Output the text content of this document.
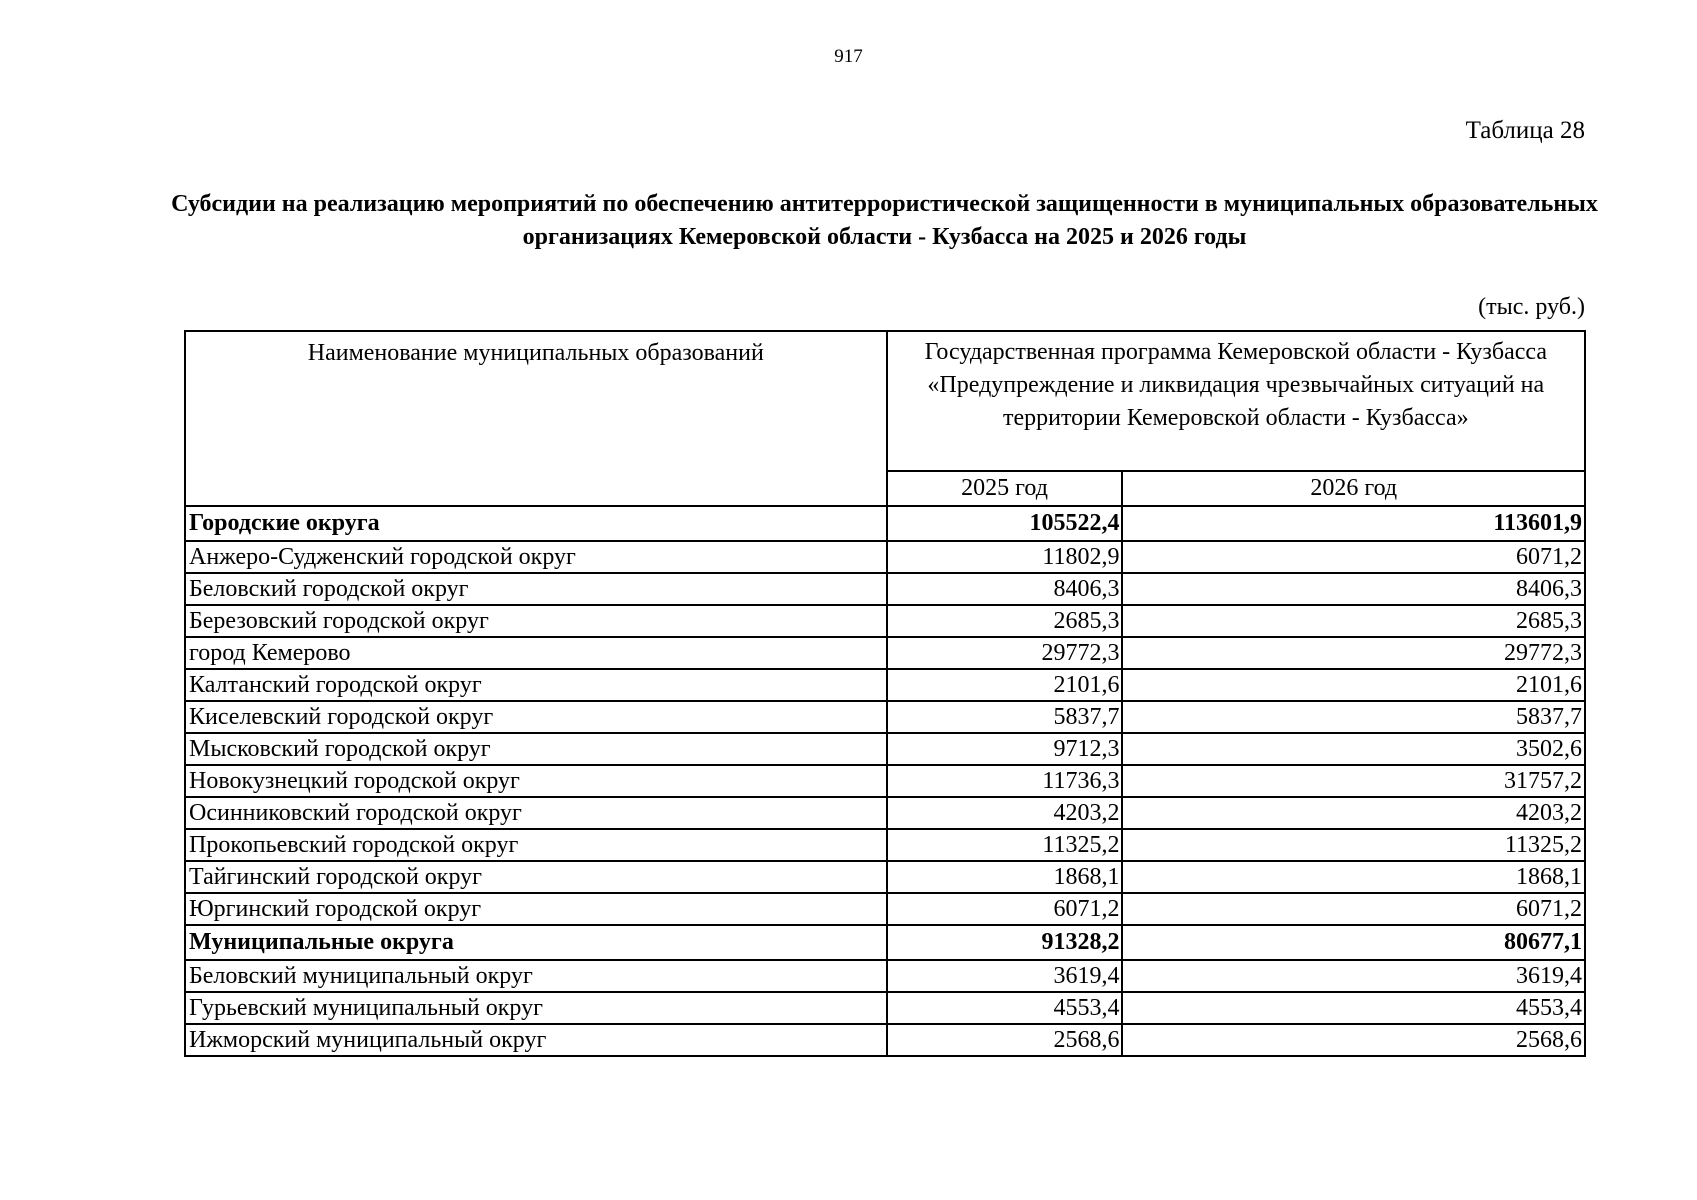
917
Таблица 28
Субсидии на реализацию мероприятий по обеспечению антитеррористической защищенности в муниципальных образовательных организациях Кемеровской области - Кузбасса на 2025 и 2026 годы
(тыс. руб.)
Наименование муниципальных образований	Государственная программа Кемеровской области - Кузбасса «Предупреждение и ликвидация чрезвычайных ситуаций на территории Кемеровской области - Кузбасса»	
	2025 год	2026 год
Городские округа	105522,4	113601,9
Анжеро-Судженский городской округ	11802,9	6071,2
Беловский городской округ	8406,3	8406,3
Березовский городской округ	2685,3	2685,3
город Кемерово	29772,3	29772,3
Калтанский городской округ	2101,6	2101,6
Киселевский городской округ	5837,7	5837,7
Мысковский городской округ	9712,3	3502,6
Новокузнецкий городской округ	11736,3	31757,2
Осинниковский городской округ	4203,2	4203,2
Прокопьевский городской округ	11325,2	11325,2
Тайгинский городской округ	1868,1	1868,1
Юргинский городской округ	6071,2	6071,2
Муниципальные округа	91328,2	80677,1
Беловский муниципальный округ	3619,4	3619,4
Гурьевский муниципальный округ	4553,4	4553,4
Ижморский муниципальный округ	2568,6	2568,6
